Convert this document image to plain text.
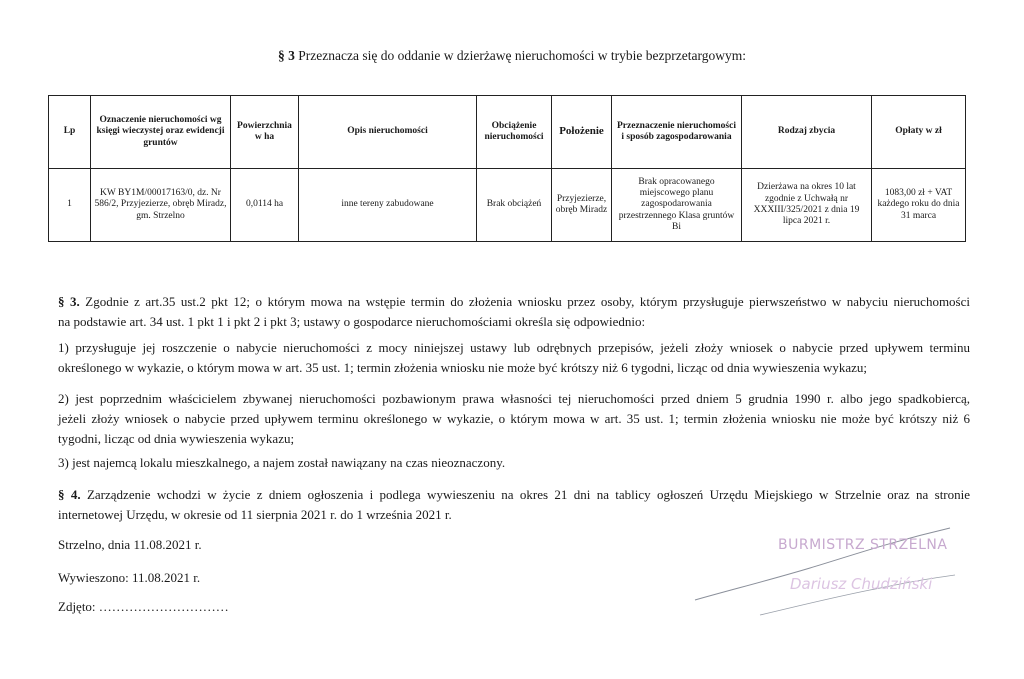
§ 3 Przeznacza się do oddanie w dzierżawę nieruchomości w trybie bezprzetargowym:
Lp	Oznaczenie nieruchomości wg księgi wieczystej oraz ewidencji gruntów	Powierzchnia w ha	Opis nieruchomości	Obciążenie nieruchomości	Położenie	Przeznaczenie nieruchomości i sposób zagospodarowania	Rodzaj zbycia	Opłaty w zł
1	KW BY1M/00017163/0, dz. Nr 586/2, Przyjezierze, obręb Miradz, gm. Strzelno	0,0114 ha	inne tereny zabudowane	Brak obciążeń	Przyjezierze, obręb Miradz	Brak opracowanego miejscowego planu zagospodarowania przestrzennego Klasa gruntów Bi	Dzierżawa na okres 10 lat zgodnie z Uchwałą nr XXXIII/325/2021 z dnia 19 lipca 2021 r.	1083,00 zł + VAT każdego roku do dnia 31 marca
§ 3. Zgodnie z art.35 ust.2 pkt 12; o którym mowa na wstępie termin do złożenia wniosku przez osoby, którym przysługuje pierwszeństwo w nabyciu nieruchomości
na podstawie art. 34 ust. 1 pkt 1 i pkt 2 i pkt 3; ustawy o gospodarce nieruchomościami określa się odpowiednio:
1) przysługuje jej roszczenie o nabycie nieruchomości z mocy niniejszej ustawy lub odrębnych przepisów, jeżeli złoży wniosek o nabycie przed upływem terminu
określonego w wykazie, o którym mowa w art. 35 ust. 1; termin złożenia wniosku nie może być krótszy niż 6 tygodni, licząc od dnia wywieszenia wykazu;
2) jest poprzednim właścicielem zbywanej nieruchomości pozbawionym prawa własności tej nieruchomości przed dniem 5 grudnia 1990 r. albo jego spadkobiercą,
jeżeli złoży wniosek o nabycie przed upływem terminu określonego w wykazie, o którym mowa w art. 35 ust. 1; termin złożenia wniosku nie może być krótszy niż 6
tygodni, licząc od dnia wywieszenia wykazu;
3) jest najemcą lokalu mieszkalnego, a najem został nawiązany na czas nieoznaczony.
§ 4. Zarządzenie wchodzi w życie z dniem ogłoszenia i podlega wywieszeniu na okres 21 dni na tablicy ogłoszeń Urzędu Miejskiego w Strzelnie oraz na stronie
internetowej Urzędu, w okresie od 11 sierpnia 2021 r. do 1 września 2021 r.
Strzelno, dnia 11.08.2021 r.
Wywieszono: 11.08.2021 r.
Zdjęto: …………………………
BURMISTRZ STRZELNA
Dariusz Chudziński
